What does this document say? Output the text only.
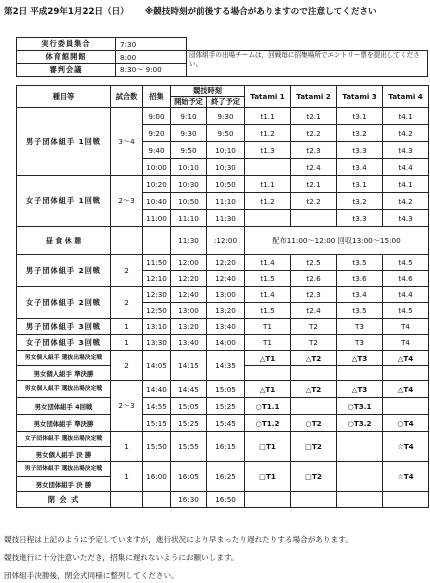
第2日 平成29年1月22日（日） ※競技時刻が前後する場合がありますので注意してください
実行委員集合	7:30	
体育館開館	8:00	団体組手の出場チームは，回戦毎に招集場所でエントリー票を提出してください。
審判会議	8:30～ 9:00	
種目等	試合数	招集	競技時刻		Tatami 1	Tatami 2	Tatami 3	Tatami 4
			開始予定	終了予定				
男子団体組手 1回戦	3～4	9:00	9:10	9:30	t1.1	t2.1	t3.1	t4.1
		9:20	9:30	9:50	t1.2	t2.2	t3.2	t4.2
		9:40	9:50	10:10	t1.3	t2.3	t3.3	t4.3
		10:00	10:10	10:30		t2.4	t3.4	t4.4
女子団体組手 1回戦	2～3	10:20	10:30	10:50	t1.1	t2.1	t3.1	t4.1
		10:40	10:50	11:10	t1.2	t2.2	t3.2	t4.2
		11:00	11:10	11:30			t3.3	t4.3
昼 食 休 憩			11:30	:12:00	配布11:00～12:00 回収13:00～15:00			
男子団体組手 2回戦	2	11:50	12:00	12:20	t1.4	t2.5	t3.5	t4.5
		12:10	12:20	12:40	t1.5	t2.6	t3.6	t4.6
女子団体組手 2回戦	2	12:30	12:40	13:00	t1.4	t2.3	t3.4	t4.4
		12:50	13:00	13:20	t1.5	t2.4	t3.5	t4.5
男子団体組手 3回戦	1	13:10	13:20	13:40	T1	T2	T3	T4
女子団体組手 3回戦	1	13:30	13:40	14:00	T1	T2	T3	T4
男女個人組手 選抜出場決定戦	2	14:05	14:15	14:35	△T1	△T2	△T3	△T4
男女個人組手 準決勝								
男女個人組手 選抜出場決定戦	2～3	14:40	14:45	15:05	△T1	△T2	△T3	△T4
男女団体組手 4回戦		14:55	15:05	15:25	○T1.1		○T3.1	
男女団体組手 準決勝		15:15	15:25	15:45	○T1.2	○T2	○T3.2	○T4
女子団体組手 選抜出場決定戦	1	15:50	15:55	16:15	□T1	□T2		☆T4
男女個人組手 決 勝								
男子団体組手 選抜出場決定戦	1	16:00	16:05	16:25	□T1	□T2		☆T4
男女団体組手 決 勝								
閉 会 式			16:30	16:50				
競技日程は上記のように予定していますが，進行状況により早まったり遅れたりする場合があります。
競技進行に十分注意いただき，招集に遅れないようにお願いします。
団体組手決勝後，閉会式同様に整列してください。
